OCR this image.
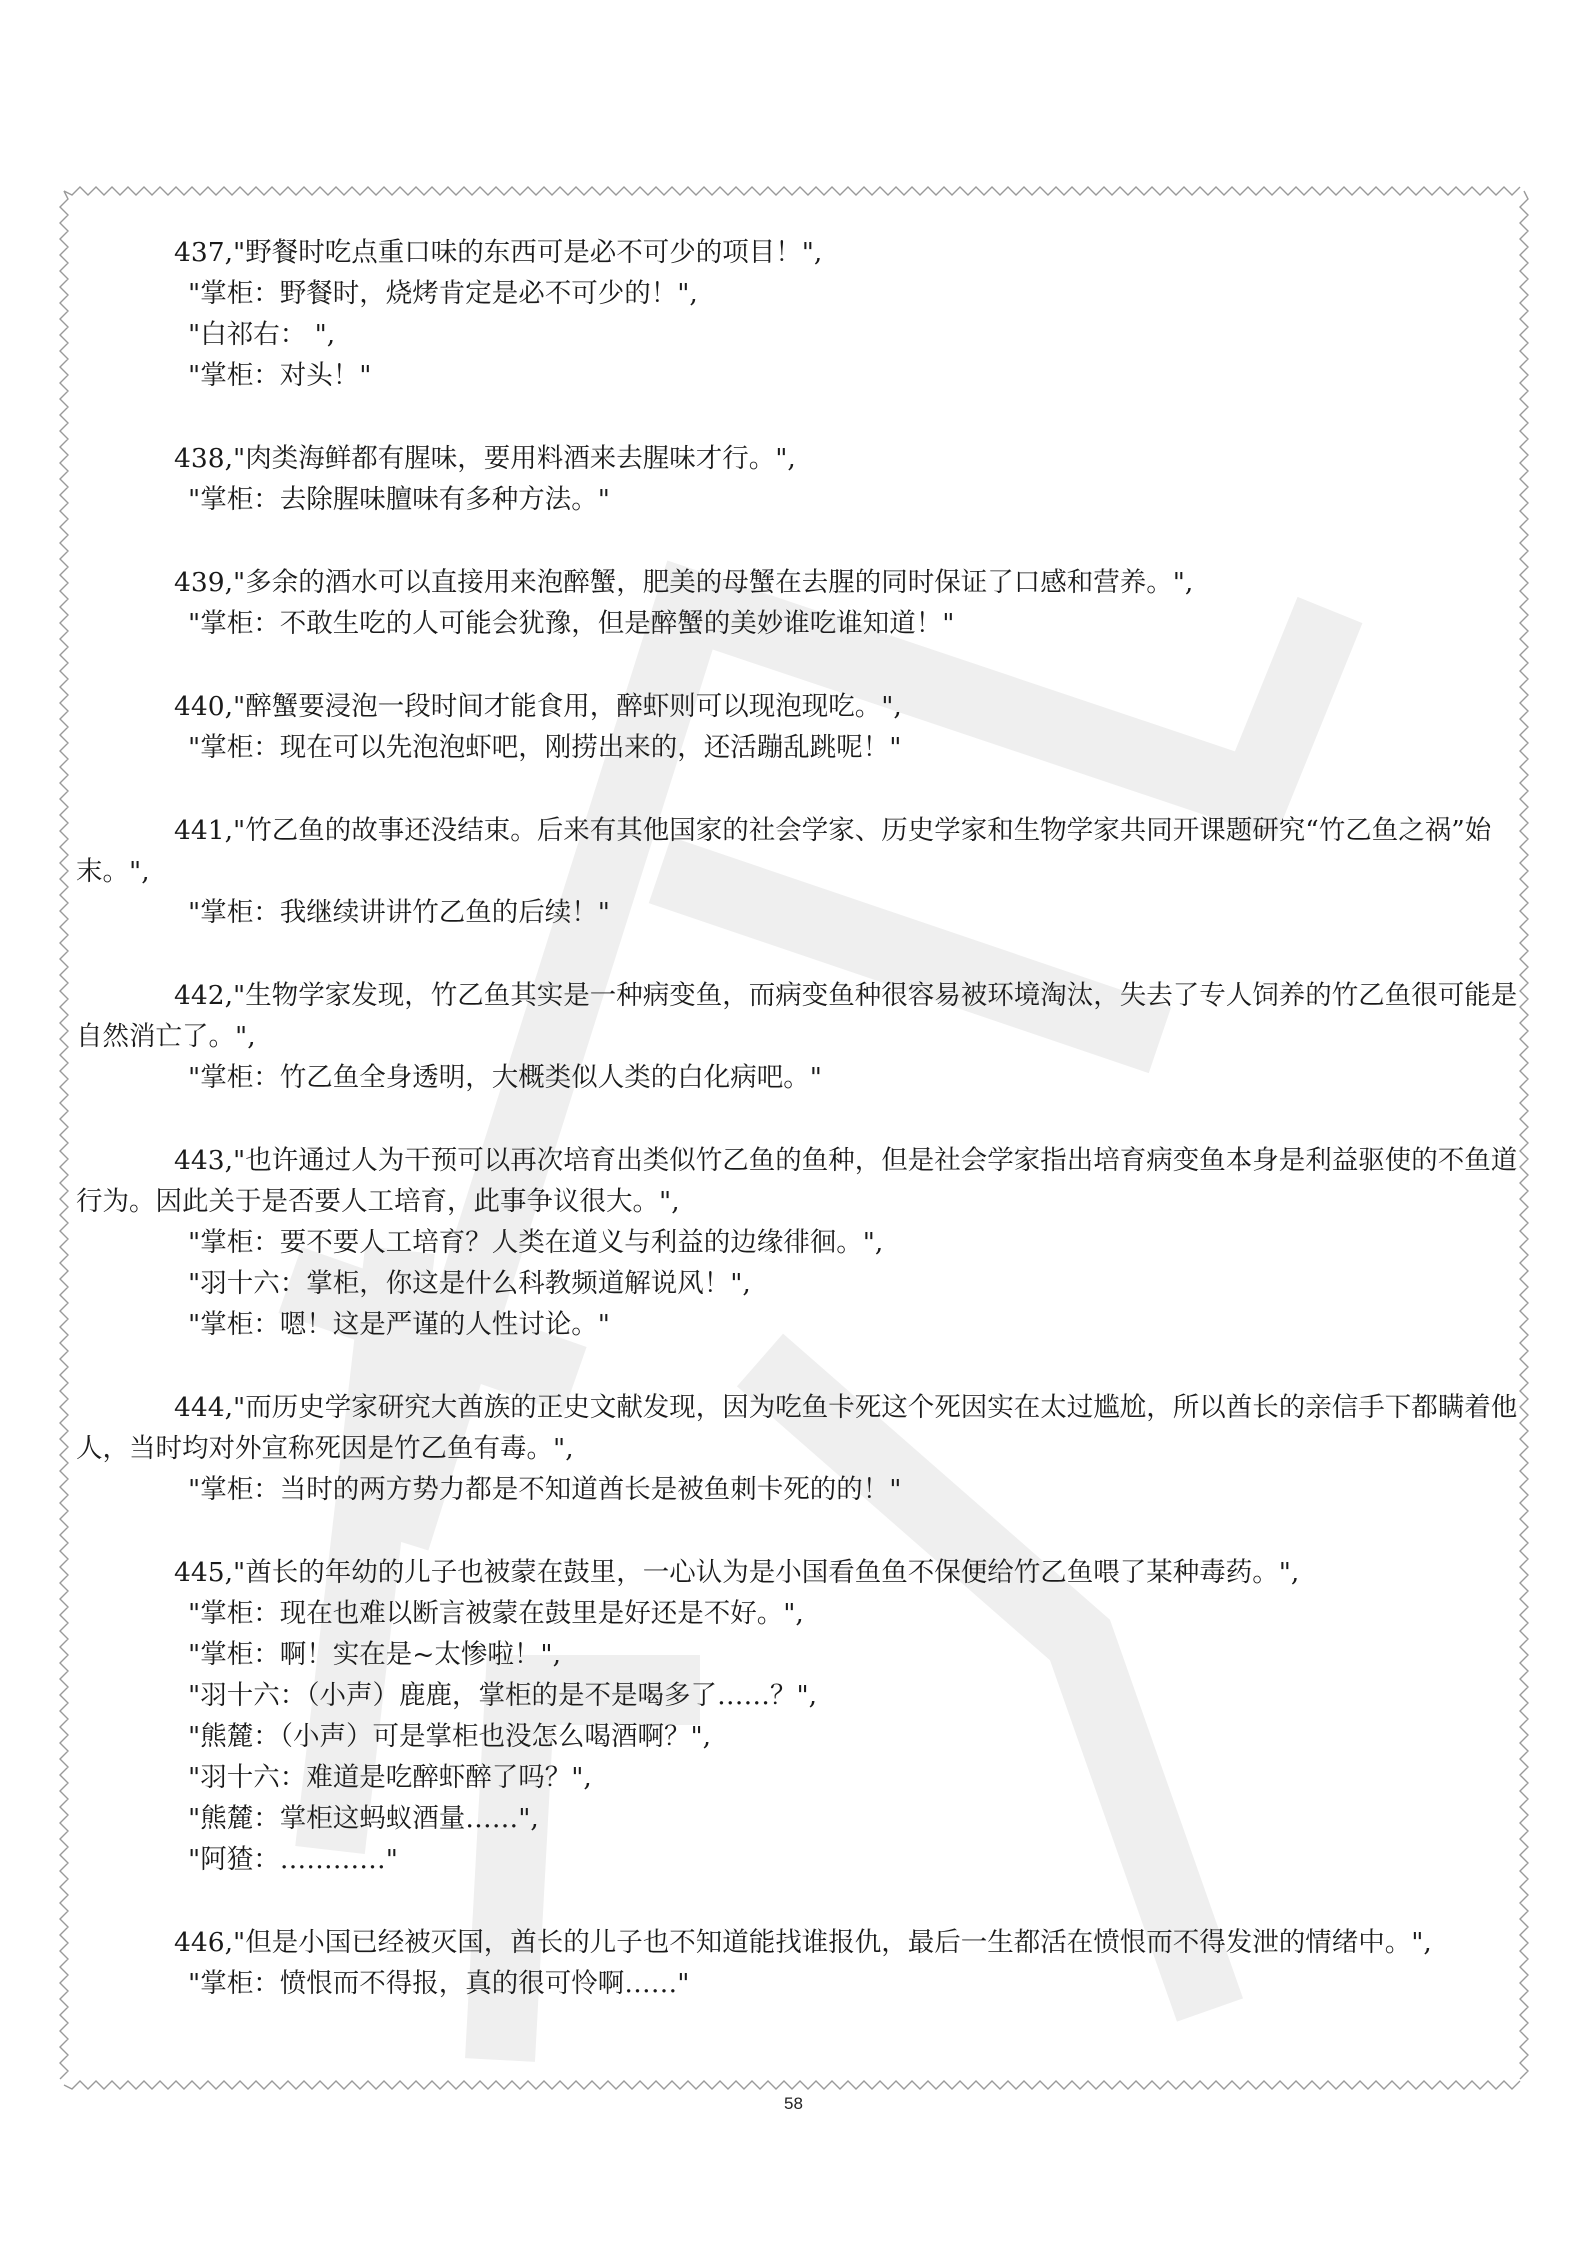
437,"野餐时吃点重口味的东西可是必不可少的项目！",

"掌柜：野餐时，烧烤肯定是必不可少的！",

"白祁右： ",

"掌柜：对头！"

438,"肉类海鲜都有腥味，要用料酒来去腥味才行。",

"掌柜：去除腥味膻味有多种方法。"

439,"多余的酒水可以直接用来泡醉蟹，肥美的母蟹在去腥的同时保证了口感和营养。",

"掌柜：不敢生吃的人可能会犹豫，但是醉蟹的美妙谁吃谁知道！"

440,"醉蟹要浸泡一段时间才能食用，醉虾则可以现泡现吃。",

"掌柜：现在可以先泡泡虾吧，刚捞出来的，还活蹦乱跳呢！"

441,"竹乙鱼的故事还没结束。后来有其他国家的社会学家、历史学家和生物学家共同开课题研究“竹乙鱼之祸”始末。",

"掌柜：我继续讲讲竹乙鱼的后续！"

442,"生物学家发现，竹乙鱼其实是一种病变鱼，而病变鱼种很容易被环境淘汰，失去了专人饲养的竹乙鱼很可能是自然消亡了。",

"掌柜：竹乙鱼全身透明，大概类似人类的白化病吧。"

443,"也许通过人为干预可以再次培育出类似竹乙鱼的鱼种，但是社会学家指出培育病变鱼本身是利益驱使的不鱼道行为。因此关于是否要人工培育，此事争议很大。",

"掌柜：要不要人工培育？人类在道义与利益的边缘徘徊。",

"羽十六：掌柜，你这是什么科教频道解说风！",

"掌柜：嗯！这是严谨的人性讨论。"

444,"而历史学家研究大酋族的正史文献发现，因为吃鱼卡死这个死因实在太过尴尬，所以酋长的亲信手下都瞒着他人，当时均对外宣称死因是竹乙鱼有毒。",

"掌柜：当时的两方势力都是不知道酋长是被鱼刺卡死的的！"

445,"酋长的年幼的儿子也被蒙在鼓里，一心认为是小国看鱼鱼不保便给竹乙鱼喂了某种毒药。",

"掌柜：现在也难以断言被蒙在鼓里是好还是不好。",

"掌柜：啊！实在是~太惨啦！",

"羽十六：（小声）鹿鹿，掌柜的是不是喝多了……？",

"熊麓：（小声）可是掌柜也没怎么喝酒啊？",

"羽十六：难道是吃醉虾醉了吗？",

"熊麓：掌柜这蚂蚁酒量……",

"阿猹：…………"

446,"但是小国已经被灭国，酋长的儿子也不知道能找谁报仇，最后一生都活在愤恨而不得发泄的情绪中。",

"掌柜：愤恨而不得报，真的很可怜啊……"

58
